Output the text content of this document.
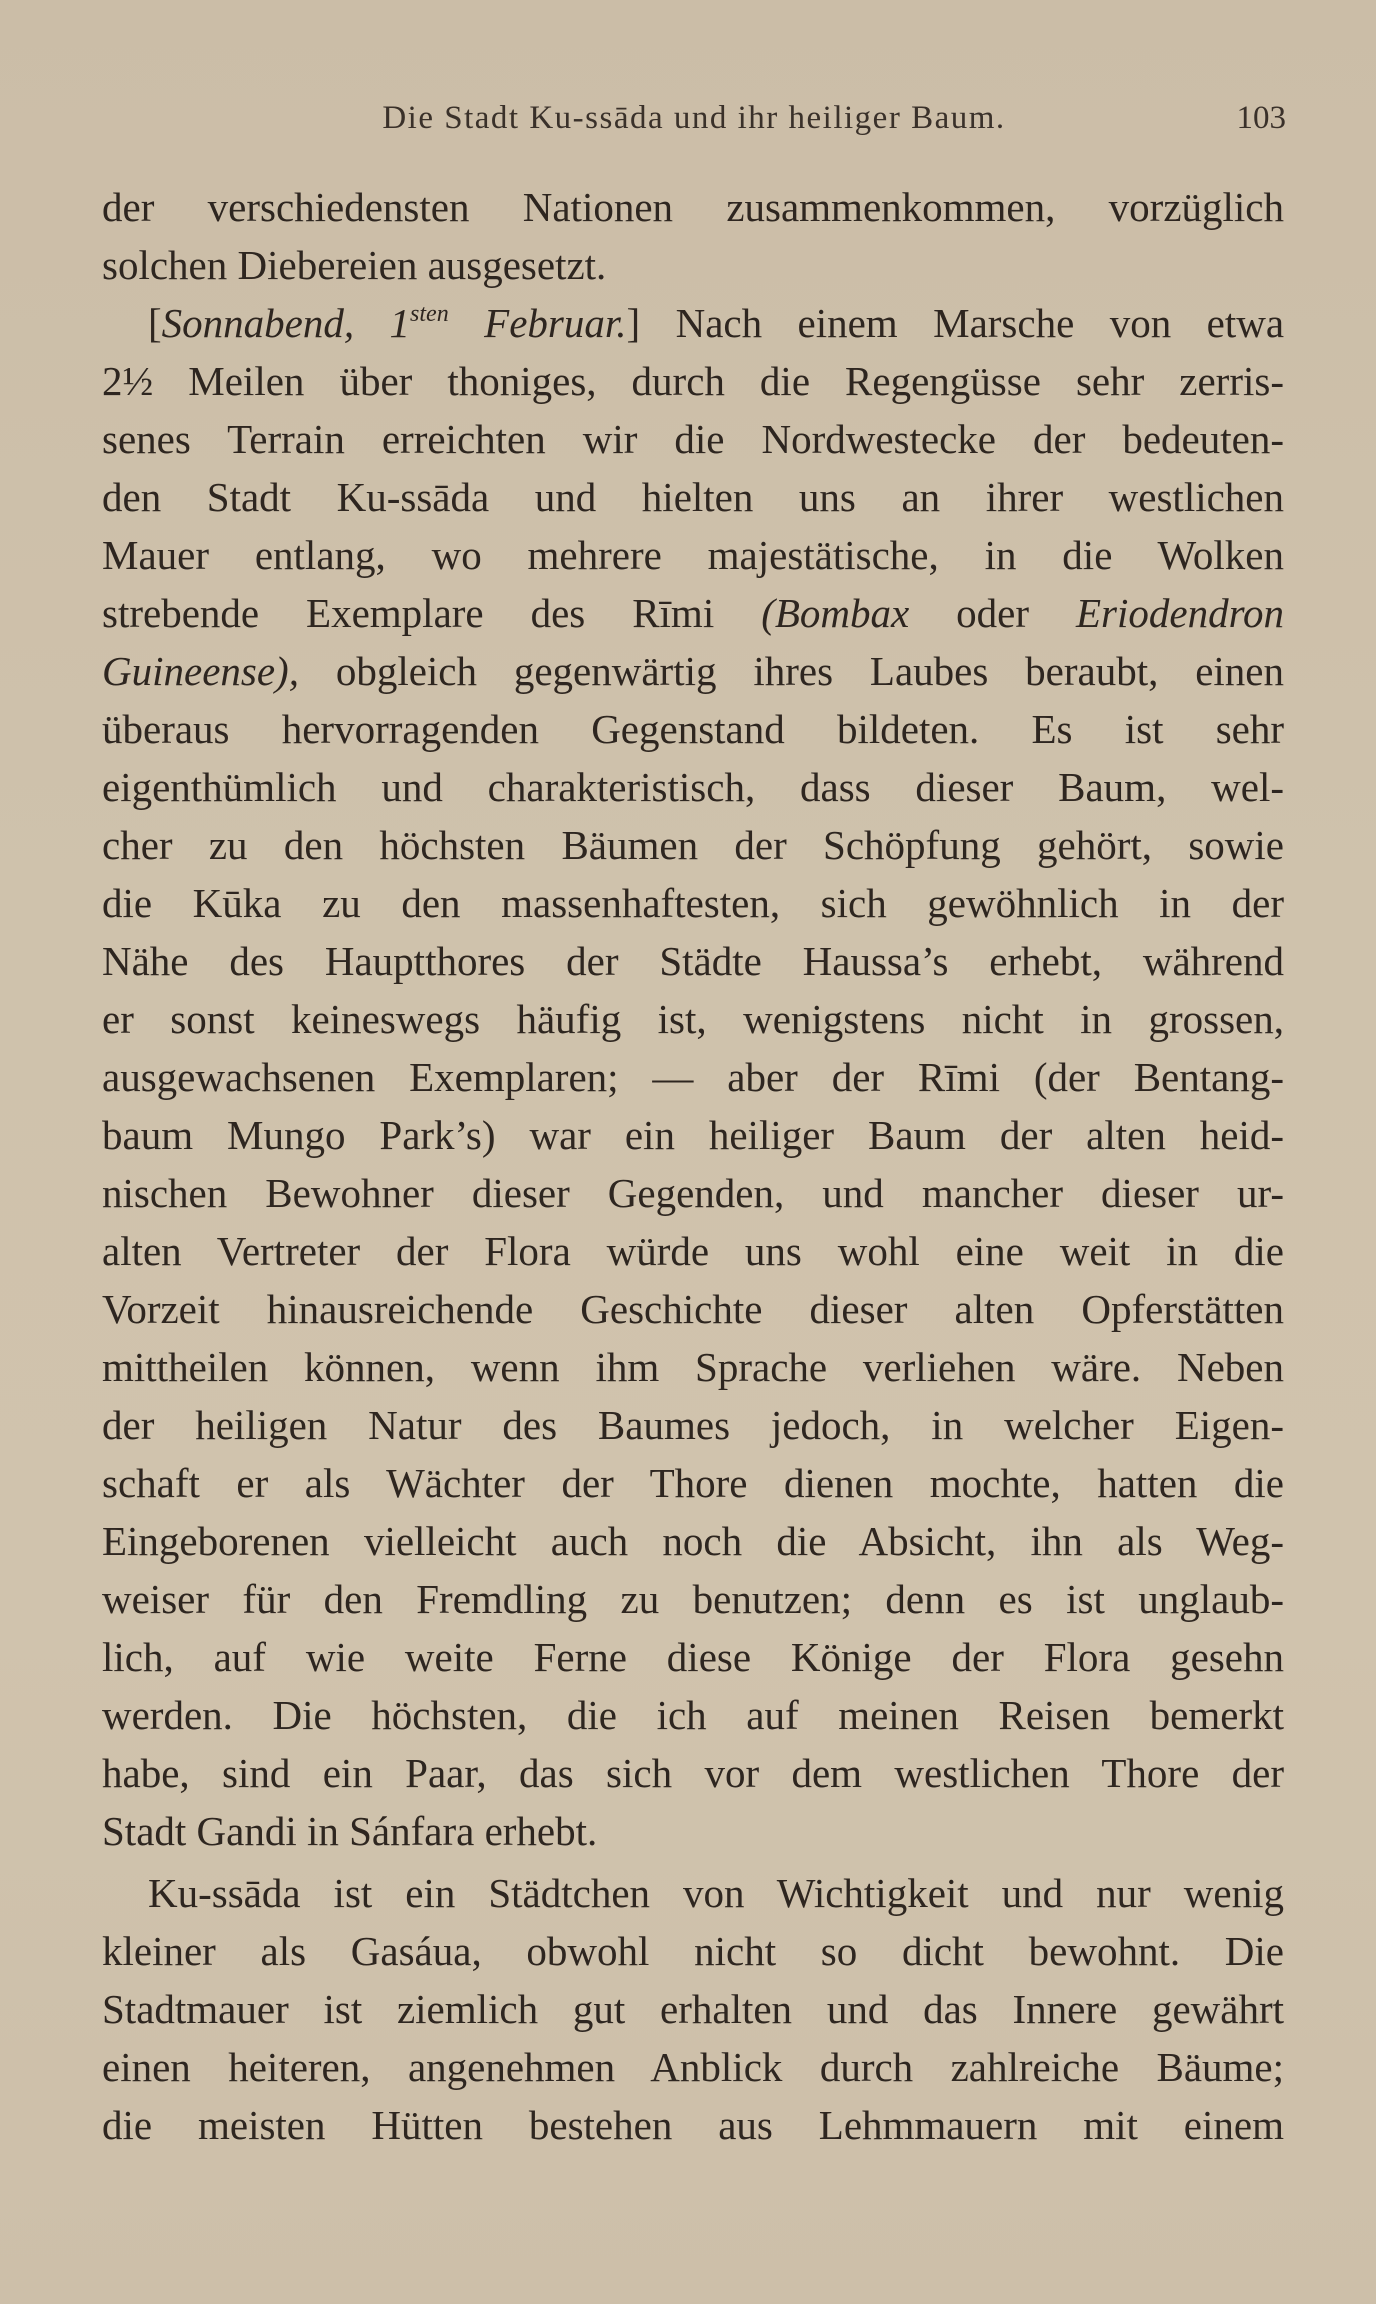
Die Stadt Ku-ssāda und ihr heiliger Baum.	103
der verschiedensten Nationen zusammenkommen, vorzüglich
solchen Diebereien ausgesetzt.
[Sonnabend, $1^{sten}$ Februar.] Nach einem Marsche von etwa
2½ Meilen über thoniges, durch die Regengüsse sehr zerris-
senes Terrain erreichten wir die Nordwestecke der bedeuten-
den Stadt Ku-ssāda und hielten uns an ihrer westlichen
Mauer entlang, wo mehrere majestätische, in die Wolken
strebende Exemplare des Rīmi (Bombax oder Eriodendron
Guineense), obgleich gegenwärtig ihres Laubes beraubt, einen
überaus hervorragenden Gegenstand bildeten. Es ist sehr
eigenthümlich und charakteristisch, dass dieser Baum, wel-
cher zu den höchsten Bäumen der Schöpfung gehört, sowie
die Kūka zu den massenhaftesten, sich gewöhnlich in der
Nähe des Hauptthores der Städte Haussa’s erhebt, während
er sonst keineswegs häufig ist, wenigstens nicht in grossen,
ausgewachsenen Exemplaren; — aber der Rīmi (der Bentang-
baum Mungo Park’s) war ein heiliger Baum der alten heid-
nischen Bewohner dieser Gegenden, und mancher dieser ur-
alten Vertreter der Flora würde uns wohl eine weit in die
Vorzeit hinausreichende Geschichte dieser alten Opferstätten
mittheilen können, wenn ihm Sprache verliehen wäre. Neben
der heiligen Natur des Baumes jedoch, in welcher Eigen-
schaft er als Wächter der Thore dienen mochte, hatten die
Eingeborenen vielleicht auch noch die Absicht, ihn als Weg-
weiser für den Fremdling zu benutzen; denn es ist unglaub-
lich, auf wie weite Ferne diese Könige der Flora gesehn
werden. Die höchsten, die ich auf meinen Reisen bemerkt
habe, sind ein Paar, das sich vor dem westlichen Thore der
Stadt Gandi in Sánfara erhebt.
Ku-ssāda ist ein Städtchen von Wichtigkeit und nur wenig
kleiner als Gasáua, obwohl nicht so dicht bewohnt. Die
Stadtmauer ist ziemlich gut erhalten und das Innere gewährt
einen heiteren, angenehmen Anblick durch zahlreiche Bäume;
die meisten Hütten bestehen aus Lehmmauern mit einem
